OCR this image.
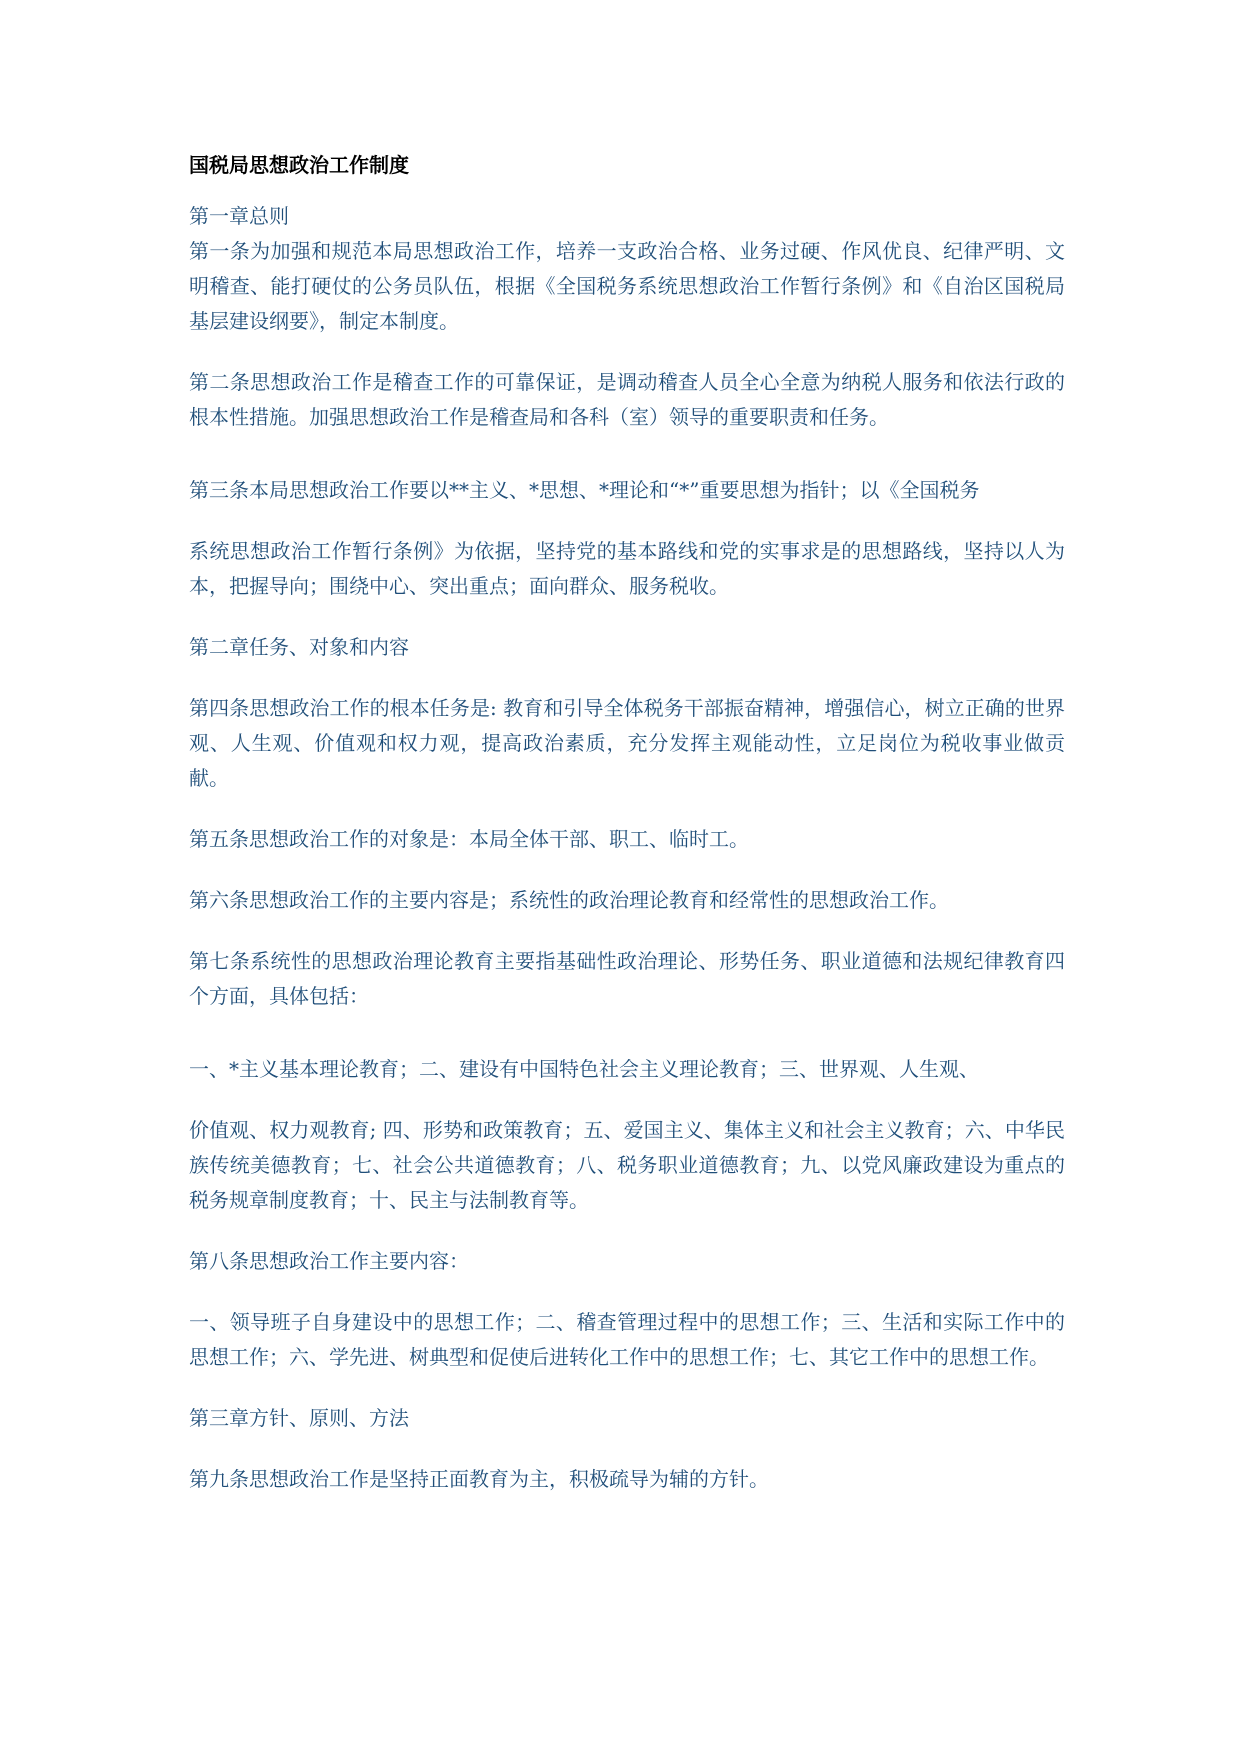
国税局思想政治工作制度

第一章总则

第一条为加强和规范本局思想政治工作，培养一支政治合格、业务过硬、作风优良、纪律严明、文明稽查、能打硬仗的公务员队伍，根据《全国税务系统思想政治工作暂行条例》和《自治区国税局基层建设纲要》，制定本制度。

第二条思想政治工作是稽查工作的可靠保证，是调动稽查人员全心全意为纳税人服务和依法行政的根本性措施。加强思想政治工作是稽查局和各科（室）领导的重要职责和任务。

第三条本局思想政治工作要以**主义、*思想、*理论和“*”重要思想为指针；以《全国税务

系统思想政治工作暂行条例》为依据，坚持党的基本路线和党的实事求是的思想路线，坚持以人为本，把握导向；围绕中心、突出重点；面向群众、服务税收。

第二章任务、对象和内容

第四条思想政治工作的根本任务是: 教育和引导全体税务干部振奋精神，增强信心，树立正确的世界观、人生观、价值观和权力观，提高政治素质，充分发挥主观能动性，立足岗位为税收事业做贡献。

第五条思想政治工作的对象是：本局全体干部、职工、临时工。

第六条思想政治工作的主要内容是；系统性的政治理论教育和经常性的思想政治工作。

第七条系统性的思想政治理论教育主要指基础性政治理论、形势任务、职业道德和法规纪律教育四个方面，具体包括：

一、*主义基本理论教育；二、建设有中国特色社会主义理论教育；三、世界观、人生观、

价值观、权力观教育; 四、形势和政策教育；五、爱国主义、集体主义和社会主义教育；六、中华民族传统美德教育；七、社会公共道德教育；八、税务职业道德教育；九、以党风廉政建设为重点的税务规章制度教育；十、民主与法制教育等。

第八条思想政治工作主要内容：

一、领导班子自身建设中的思想工作；二、稽查管理过程中的思想工作；三、生活和实际工作中的思想工作；六、学先进、树典型和促使后进转化工作中的思想工作；七、其它工作中的思想工作。

第三章方针、原则、方法

第九条思想政治工作是坚持正面教育为主，积极疏导为辅的方针。
